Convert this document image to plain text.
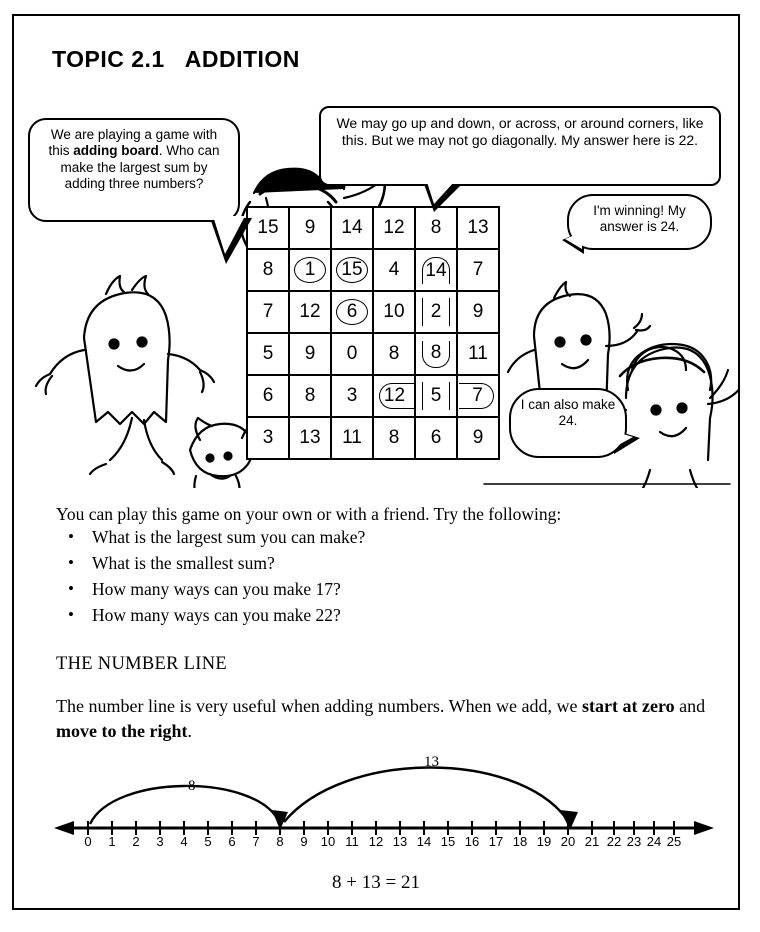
TOPIC 2.1 ADDITION
We are playing a game with this adding board. Who can make the largest sum by adding three numbers?
We may go up and down, or across, or around corners, like this. But we may not go diagonally. My answer here is 22.
I'm winning! My answer is 24.
I can also make 24.
15	9	14	12	8	13
8	1	15	4	14	7
7	12	6	10	2	9
5	9	0	8	8	11
6	8	3	12	5	7
3	13	11	8	6	9
You can play this game on your own or with a friend. Try the following:
• What is the largest sum you can make?
• What is the smallest sum?
• How many ways can you make 17?
• How many ways can you make 22?
THE NUMBER LINE
The number line is very useful when adding numbers. When we add, we start at zero and move to the right.
8
13
0	1	2	3	4	5	6	7	8	9	10 11 12 13 14 15 16 17 18 19 20 21 22 23 24 25
8 + 13 = 21
